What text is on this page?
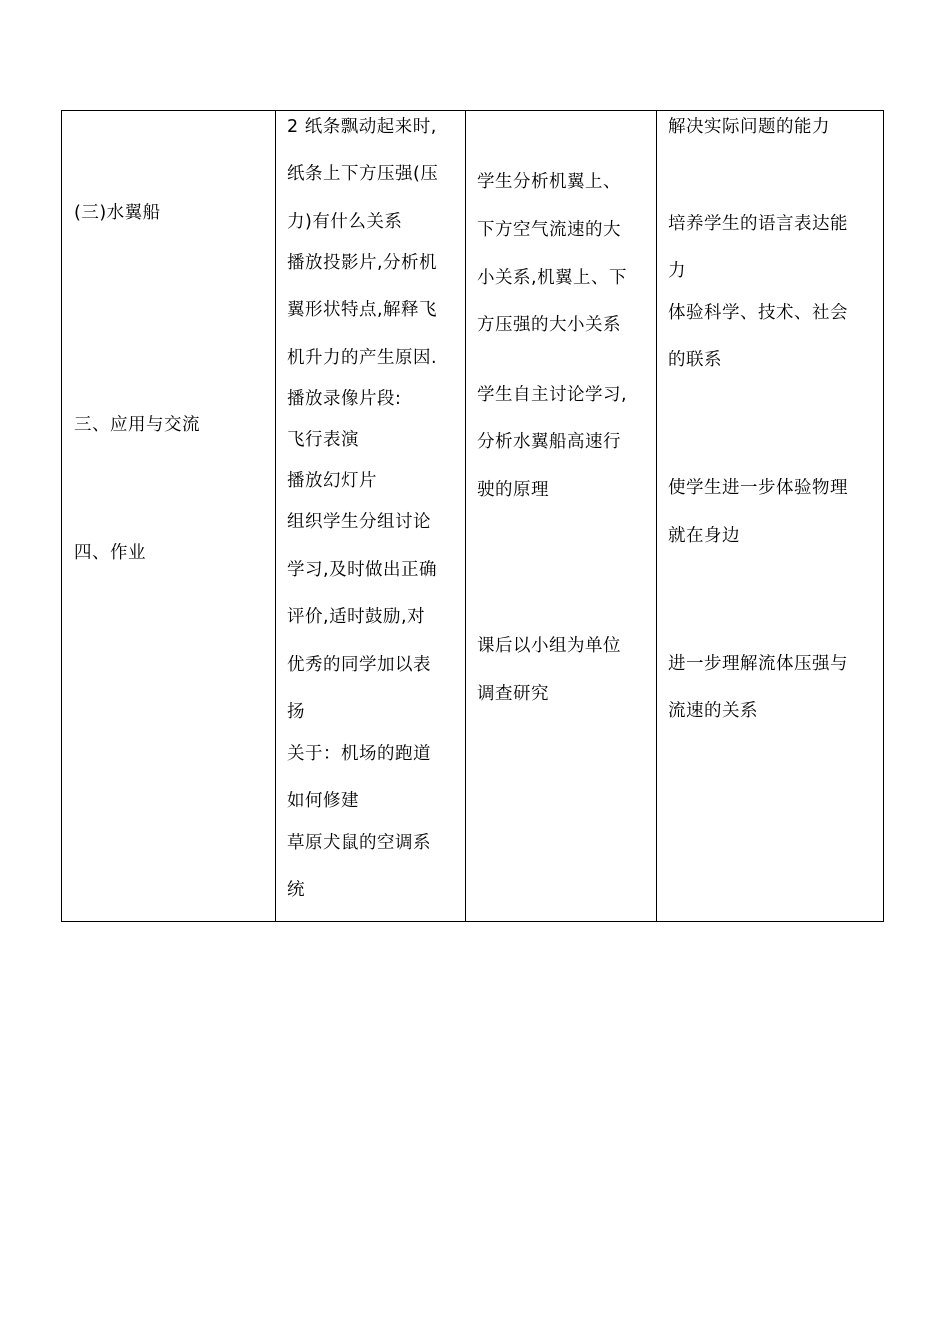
(三)水翼船
三、应用与交流
四、作业
2 纸条飘动起来时,
纸条上下方压强(压
力)有什么关系
播放投影片,分析机
翼形状特点,解释飞
机升力的产生原因.
播放录像片段:
飞行表演
播放幻灯片
组织学生分组讨论
学习,及时做出正确
评价,适时鼓励,对
优秀的同学加以表
扬
关于：机场的跑道
如何修建
草原犬鼠的空调系
统
学生分析机翼上、
下方空气流速的大
小关系,机翼上、下
方压强的大小关系
学生自主讨论学习,
分析水翼船高速行
驶的原理
课后以小组为单位
调查研究
解决实际问题的能力
培养学生的语言表达能
力
体验科学、技术、社会
的联系
使学生进一步体验物理
就在身边
进一步理解流体压强与
流速的关系
